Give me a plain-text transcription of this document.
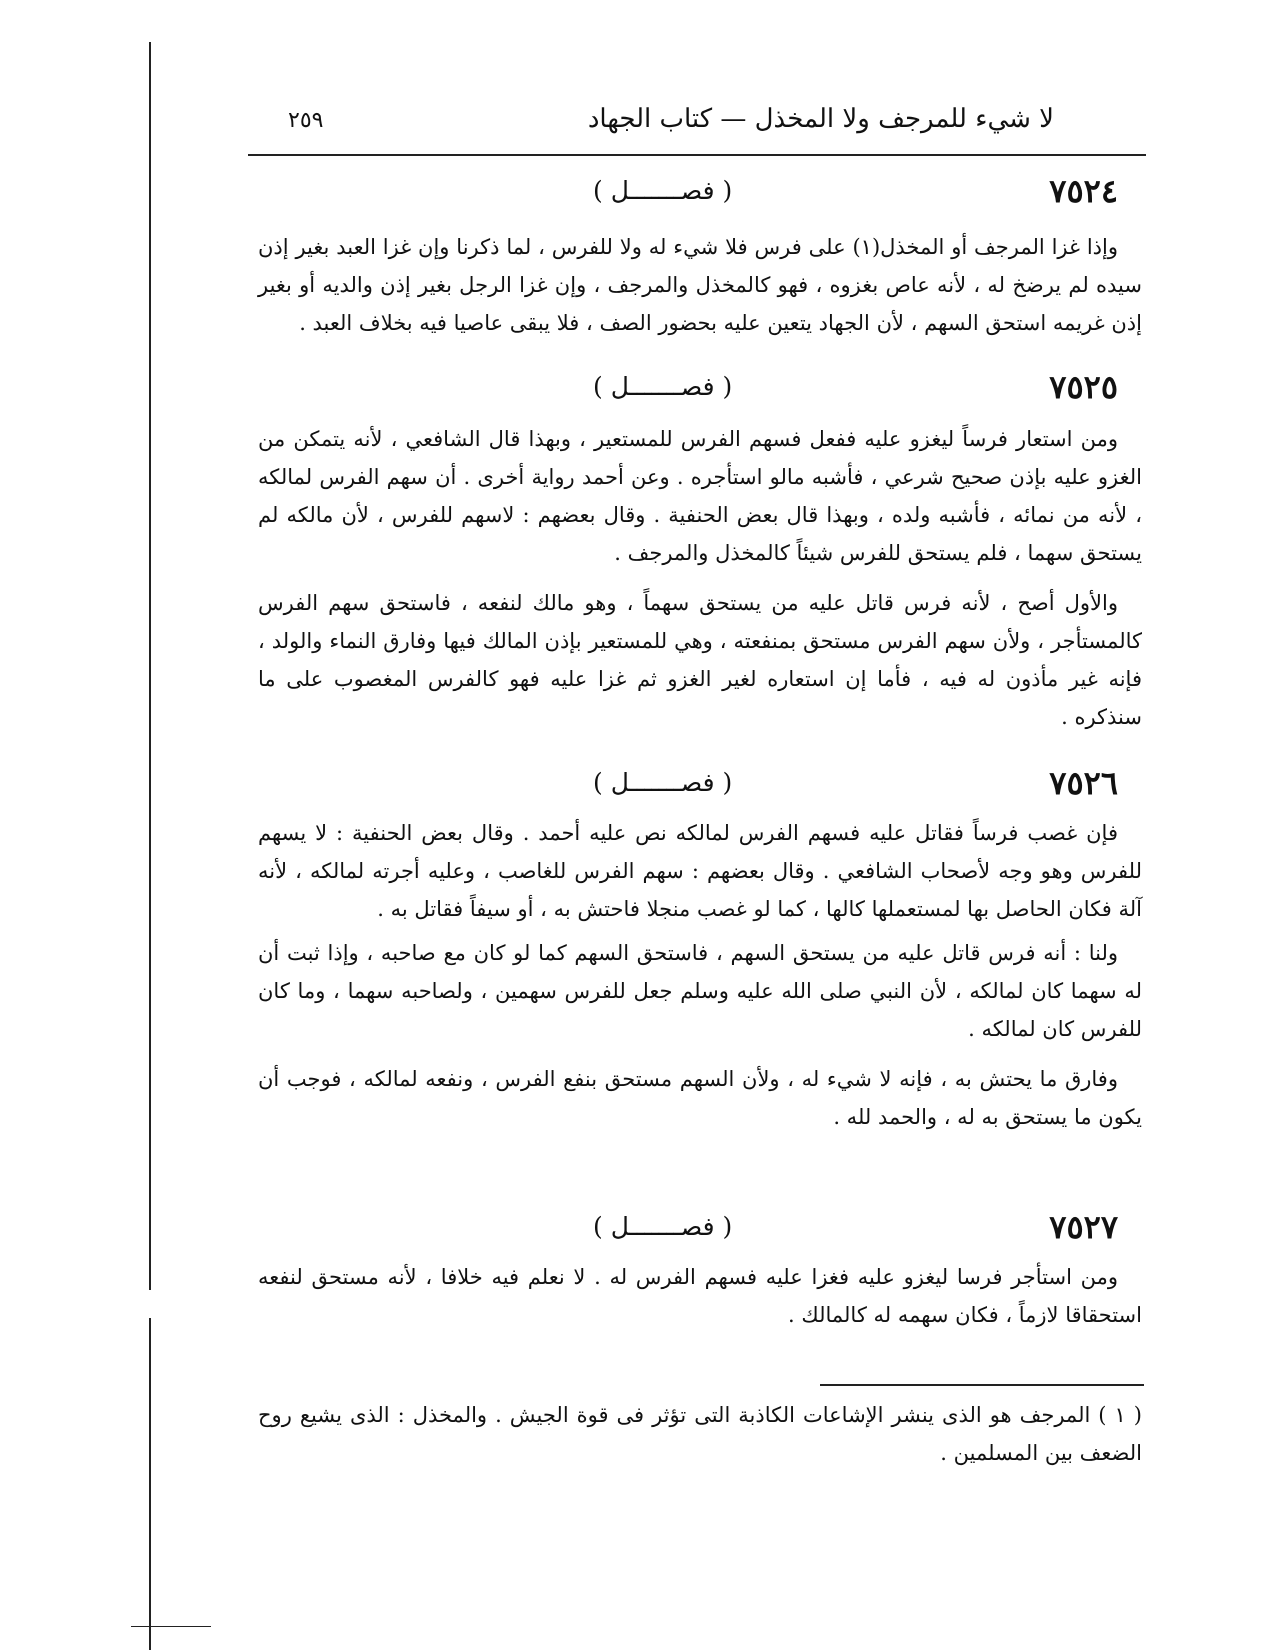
٢٥٩	لا شيء للمرجف ولا المخذل — كتاب الجهاد
٧٥٢٤
( فصـــــــل )

وإذا غزا المرجف أو المخذل(١) على فرس فلا شيء له ولا للفرس ، لما ذكرنا وإن غزا العبد بغير إذن سيده لم يرضخ له ، لأنه عاص بغزوه ، فهو كالمخذل والمرجف ، وإن غزا الرجل بغير إذن والديه أو بغير إذن غريمه استحق السهم ، لأن الجهاد يتعين عليه بحضور الصف ، فلا يبقى عاصيا فيه بخلاف العبد .

٧٥٢٥
( فصـــــــل )

ومن استعار فرساً ليغزو عليه ففعل فسهم الفرس للمستعير ، وبهذا قال الشافعي ، لأنه يتمكن من الغزو عليه بإذن صحيح شرعي ، فأشبه مالو استأجره . وعن أحمد رواية أخرى . أن سهم الفرس لمالكه ، لأنه من نمائه ، فأشبه ولده ، وبهذا قال بعض الحنفية . وقال بعضهم : لاسهم للفرس ، لأن مالكه لم يستحق سهما ، فلم يستحق للفرس شيئاً كالمخذل والمرجف .

والأول أصح ، لأنه فرس قاتل عليه من يستحق سهماً ، وهو مالك لنفعه ، فاستحق سهم الفرس كالمستأجر ، ولأن سهم الفرس مستحق بمنفعته ، وهي للمستعير بإذن المالك فيها وفارق النماء والولد ، فإنه غير مأذون له فيه ، فأما إن استعاره لغير الغزو ثم غزا عليه فهو كالفرس المغصوب على ما سنذكره .

٧٥٢٦
( فصـــــــل )

فإن غصب فرساً فقاتل عليه فسهم الفرس لمالكه نص عليه أحمد . وقال بعض الحنفية : لا يسهم للفرس وهو وجه لأصحاب الشافعي . وقال بعضهم : سهم الفرس للغاصب ، وعليه أجرته لمالكه ، لأنه آلة فكان الحاصل بها لمستعملها كالها ، كما لو غصب منجلا فاحتش به ، أو سيفاً فقاتل به .

ولنا : أنه فرس قاتل عليه من يستحق السهم ، فاستحق السهم كما لو كان مع صاحبه ، وإذا ثبت أن له سهما كان لمالكه ، لأن النبي صلى الله عليه وسلم جعل للفرس سهمين ، ولصاحبه سهما ، وما كان للفرس كان لمالكه .

وفارق ما يحتش به ، فإنه لا شيء له ، ولأن السهم مستحق بنفع الفرس ، ونفعه لمالكه ، فوجب أن يكون ما يستحق به له ، والحمد لله .

٧٥٢٧
( فصـــــــل )

ومن استأجر فرسا ليغزو عليه فغزا عليه فسهم الفرس له . لا نعلم فيه خلافا ، لأنه مستحق لنفعه استحقاقا لازماً ، فكان سهمه له كالمالك .

( ١ ) المرجف هو الذى ينشر الإشاعات الكاذبة التى تؤثر فى قوة الجيش . والمخذل : الذى يشيع روح الضعف بين المسلمين .
